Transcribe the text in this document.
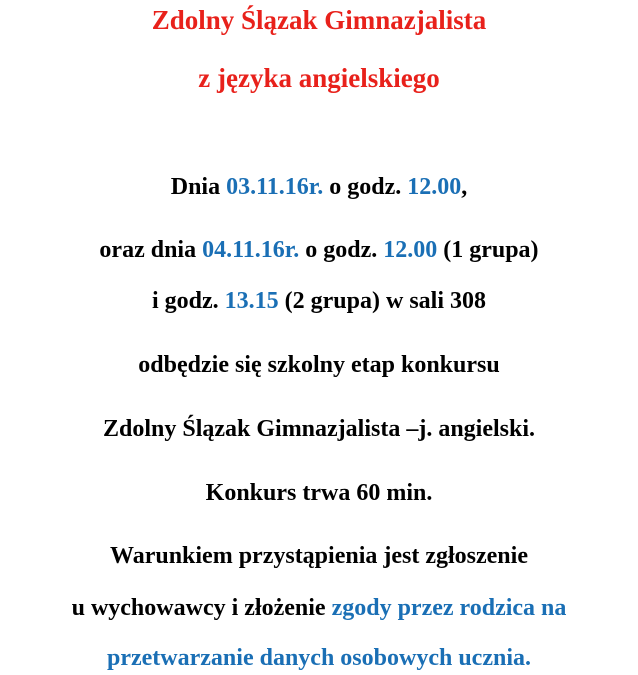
Zdolny Ślązak Gimnazjalista
z języka angielskiego
Dnia 03.11.16r. o godz. 12.00,
oraz dnia 04.11.16r. o godz. 12.00 (1 grupa)
i godz. 13.15 (2 grupa) w sali 308
odbędzie się szkolny etap konkursu
Zdolny Ślązak Gimnazjalista –j. angielski.
Konkurs trwa 60 min.
Warunkiem przystąpienia jest zgłoszenie
u wychowawcy i złożenie zgody przez rodzica na
przetwarzanie danych osobowych ucznia.
